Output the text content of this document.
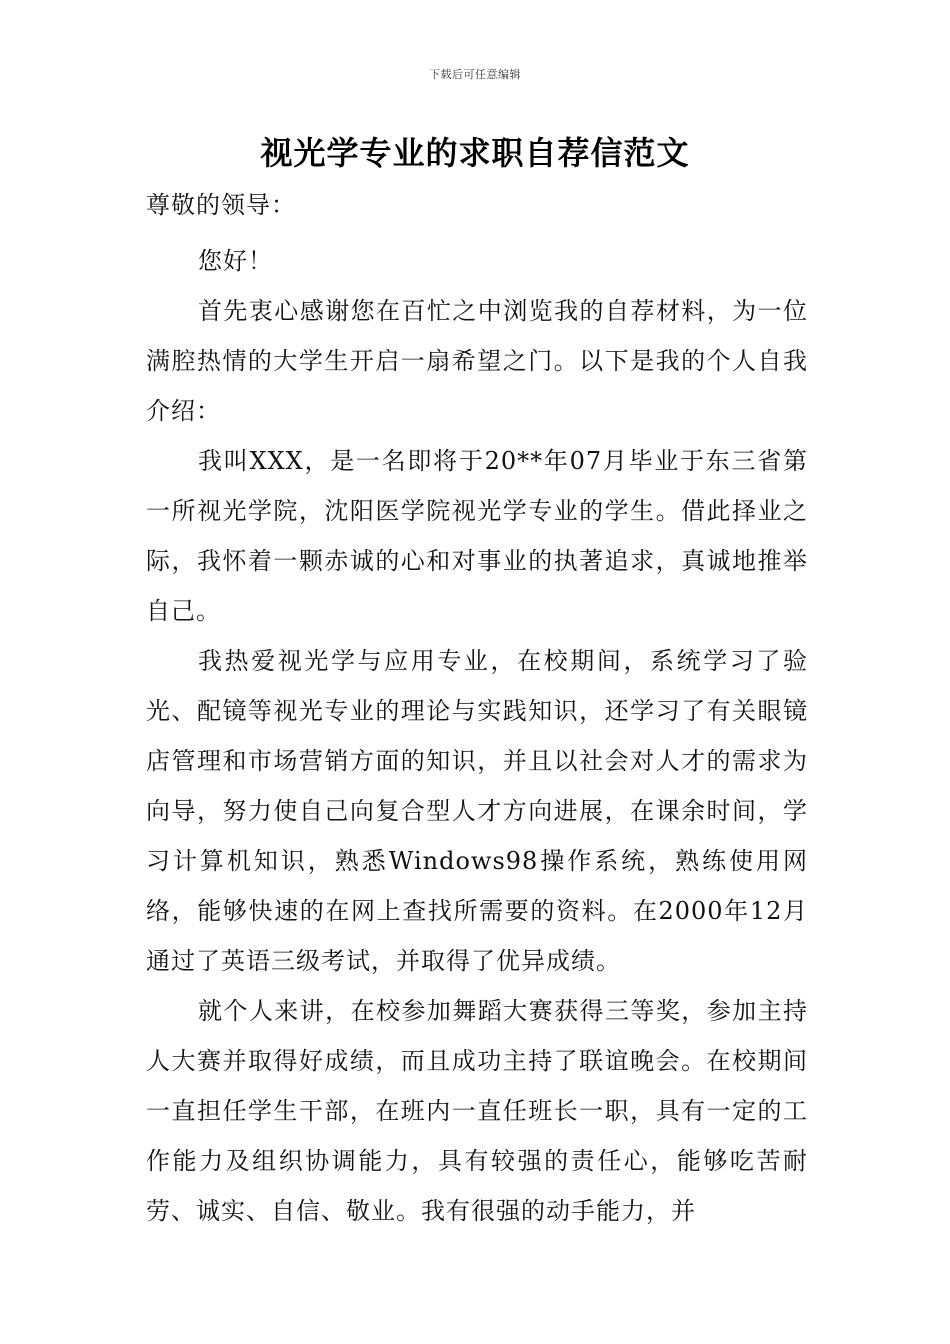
下载后可任意编辑
视光学专业的求职自荐信范文

尊敬的领导：

您好！

首先衷心感谢您在百忙之中浏览我的自荐材料，为一位满腔热情的大学生开启一扇希望之门。以下是我的个人自我介绍：

我叫XXX，是一名即将于20**年07月毕业于东三省第一所视光学院，沈阳医学院视光学专业的学生。借此择业之际，我怀着一颗赤诚的心和对事业的执著追求，真诚地推举自己。

我热爱视光学与应用专业，在校期间，系统学习了验光、配镜等视光专业的理论与实践知识，还学习了有关眼镜店管理和市场营销方面的知识，并且以社会对人才的需求为向导，努力使自己向复合型人才方向进展，在课余时间，学习计算机知识，熟悉Windows98操作系统，熟练使用网络，能够快速的在网上查找所需要的资料。在2000年12月通过了英语三级考试，并取得了优异成绩。

就个人来讲，在校参加舞蹈大赛获得三等奖，参加主持人大赛并取得好成绩，而且成功主持了联谊晚会。在校期间一直担任学生干部，在班内一直任班长一职，具有一定的工作能力及组织协调能力，具有较强的责任心，能够吃苦耐劳、诚实、自信、敬业。我有很强的动手能力，并
